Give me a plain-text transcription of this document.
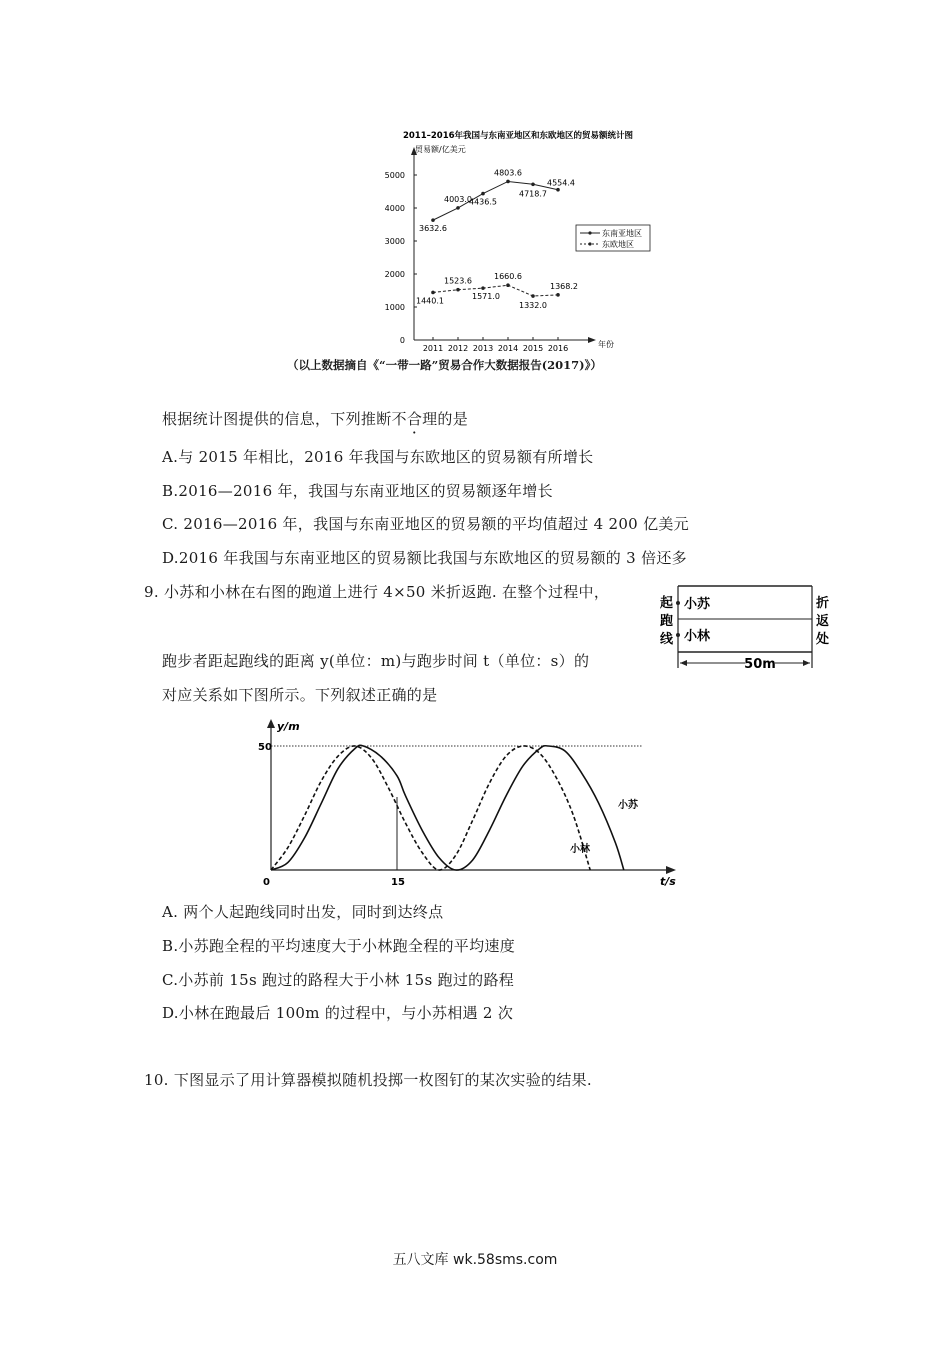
2011–2016年我国与东南亚地区和东欧地区的贸易额统计图
贸易额/亿美元
年份
0
1000
2000
3000
4000
5000
2011 2012 2013 2014 2015 2016
3632.6
4003.0
4436.5
4803.6
4718.7
4554.4
1440.1
1523.6
1571.0
1660.6
1332.0
1368.2
东南亚地区
东欧地区
（以上数据摘自《“一带一路”贸易合作大数据报告(2017)》）
根据统计图提供的信息，下列推断不合理的是
A.与 2015 年相比，2016 年我国与东欧地区的贸易额有所增长
B.2016—2016 年，我国与东南亚地区的贸易额逐年增长
C. 2016—2016 年，我国与东南亚地区的贸易额的平均值超过 4 200 亿美元
D.2016 年我国与东南亚地区的贸易额比我国与东欧地区的贸易额的 3 倍还多
9. 小苏和小林在右图的跑道上进行 4×50 米折返跑. 在整个过程中，
跑步者距起跑线的距离 y(单位：m)与跑步时间 t（单位：s）的
对应关系如下图所示。下列叙述正确的是
起
跑
线
折
返
处
小苏
小林
50m
y/m
t/s
50
0	15
小苏
小林
A. 两个人起跑线同时出发，同时到达终点
B.小苏跑全程的平均速度大于小林跑全程的平均速度
C.小苏前 15s 跑过的路程大于小林 15s 跑过的路程
D.小林在跑最后 100m 的过程中，与小苏相遇 2 次
10. 下图显示了用计算器模拟随机投掷一枚图钉的某次实验的结果.
五八文库 wk.58sms.com
